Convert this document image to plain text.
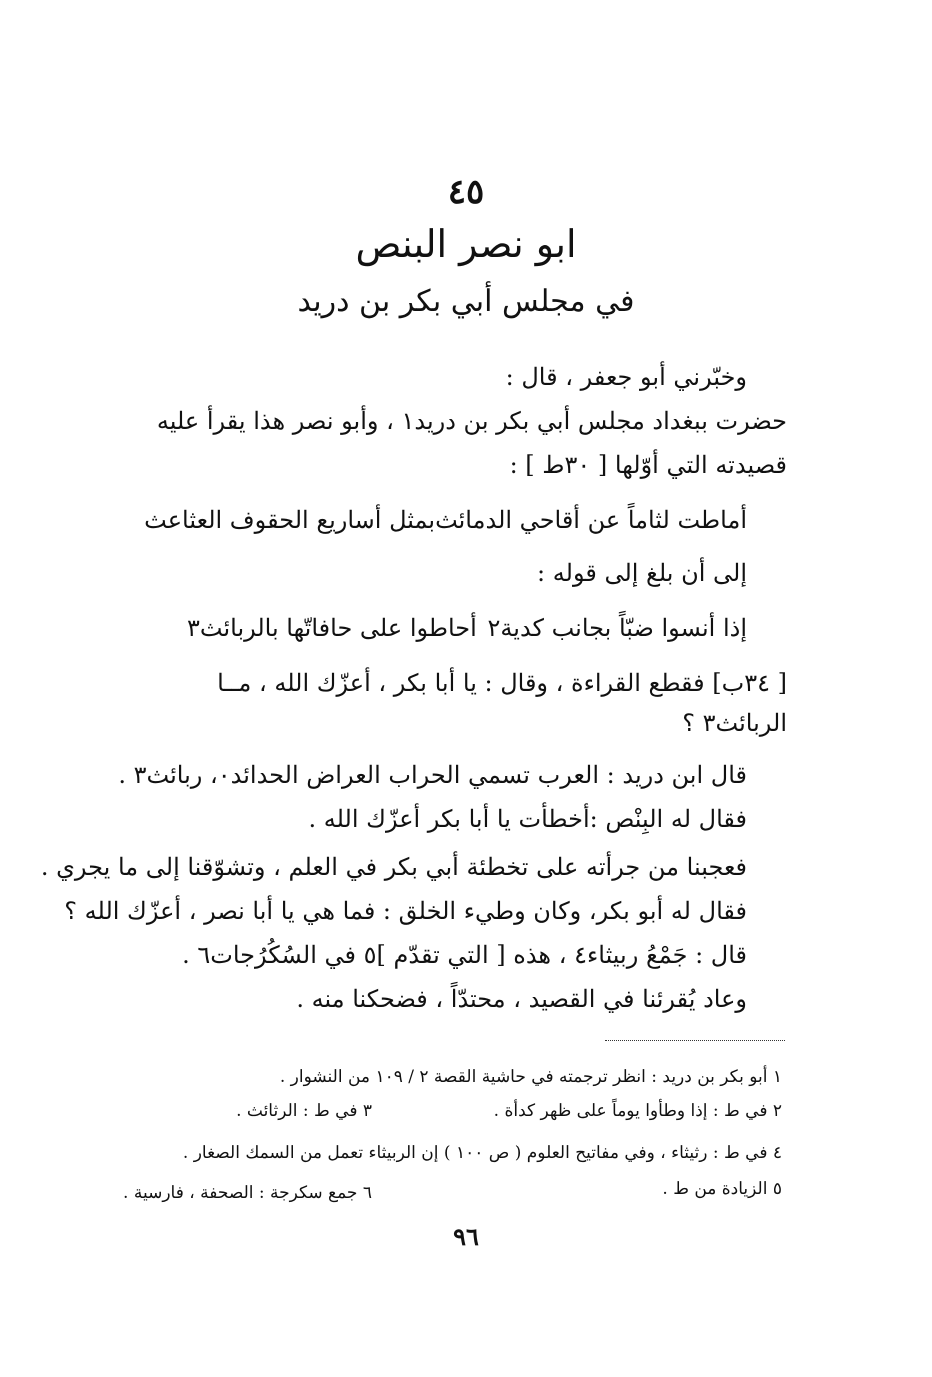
٤٥
ابو نصر البنص
في مجلس أبي بكر بن دريد
وخبّرني أبو جعفر ، قال :
حضرت ببغداد مجلس أبي بكر بن دريد١ ، وأبو نصر هذا يقرأ عليه
قصيدته التي أوّلها [ ٣٠ط ] :
أماطت لثاماً عن أقاحي الدمائث
بمثل أساريع الحقوف العثاعث
إلى أن بلغ إلى قوله :
إذا أنسوا ضبّاً بجانب كدية٢
أحاطوا على حافاتّها بالربائث٣
[ ٣٤ب] فقطع القراءة ، وقال : يا أبا بكر ، أعزّك الله ، مــا
الربائث٣ ؟
قال ابن دريد : العرب تسمي الحراب العراض الحدائد٠، ربائث٣ .
فقال له البِنْص :أخطأت يا أبا بكر أعزّك الله .
فعجبنا من جرأته على تخطئة أبي بكر في العلم ، وتشوّقنا إلى ما يجري .
فقال له أبو بكر، وكان وطيء الخلق : فما هي يا أبا نصر ، أعزّك الله ؟
قال : جَمْعُ ربيثاء٤ ، هذه [ التي تقدّم ]٥ في السُكُرُجات٦ .
وعاد يُقرئنا في القصيد ، محتدّاً ، فضحكنا منه .
١ أبو بكر بن دريد : انظر ترجمته في حاشية القصة ٢ / ١٠٩ من النشوار .
٢ في ط : إذا وطأوا يوماً على ظهر كدأة .
٣ في ط : الرثائث .
٤ في ط : رثيثاء ، وفي مفاتيح العلوم ( ص ١٠٠ ) إن الربيثاء تعمل من السمك الصغار .
٥ الزيادة من ط .
٦ جمع سكرجة : الصحفة ، فارسية .
٩٦
